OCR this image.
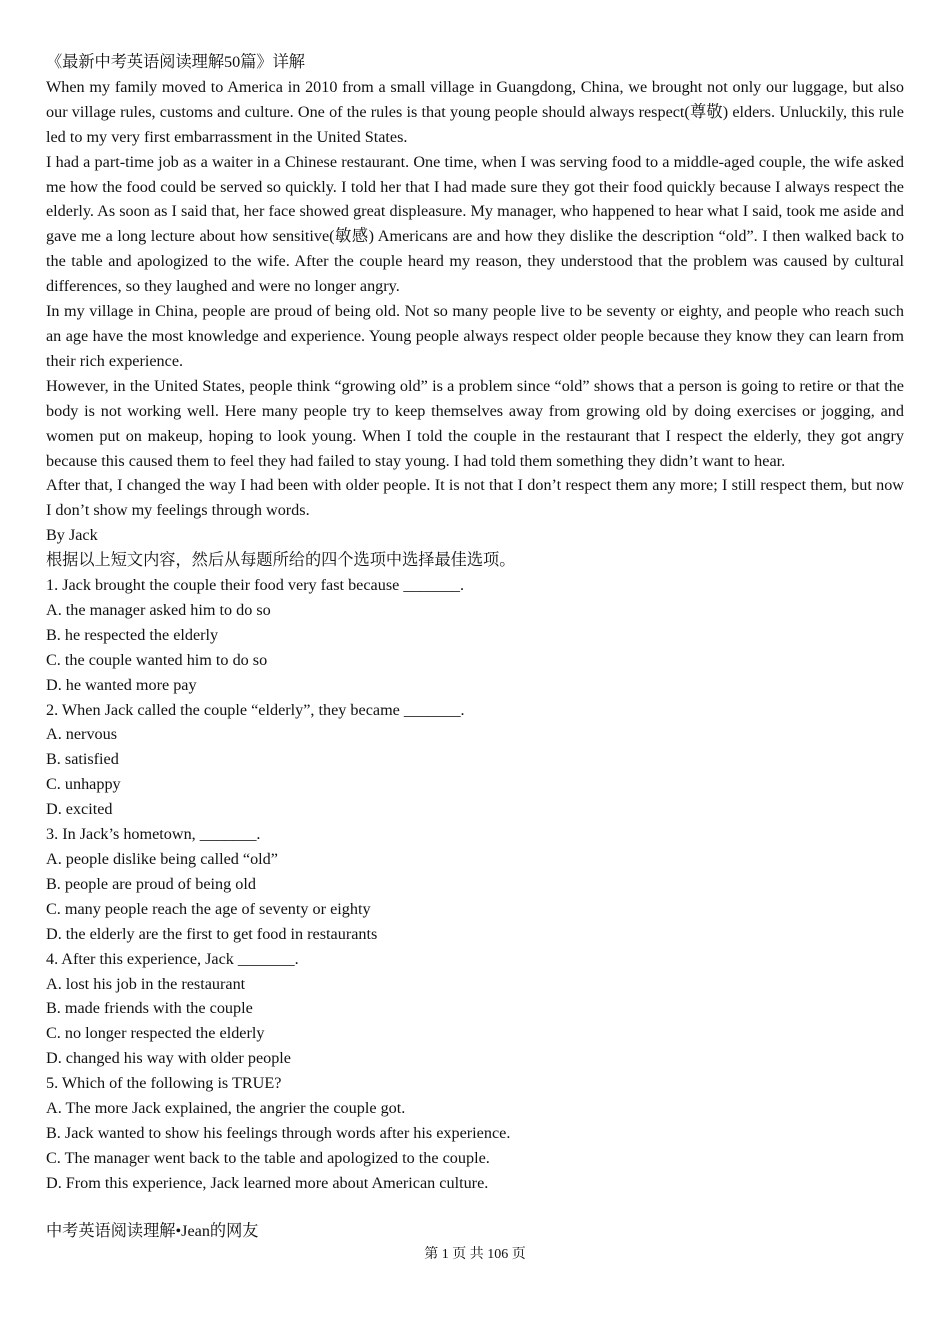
《最新中考英语阅读理解50篇》详解

When my family moved to America in 2010 from a small village in Guangdong, China, we brought not only our luggage, but also our village rules, customs and culture. One of the rules is that young people should always respect(尊敬) elders. Unluckily, this rule led to my very first embarrassment in the United States.

I had a part-time job as a waiter in a Chinese restaurant. One time, when I was serving food to a middle-aged couple, the wife asked me how the food could be served so quickly. I told her that I had made sure they got their food quickly because I always respect the elderly. As soon as I said that, her face showed great displeasure. My manager, who happened to hear what I said, took me aside and gave me a long lecture about how sensitive(敏感) Americans are and how they dislike the description “old”. I then walked back to the table and apologized to the wife. After the couple heard my reason, they understood that the problem was caused by cultural differences, so they laughed and were no longer angry.

In my village in China, people are proud of being old. Not so many people live to be seventy or eighty, and people who reach such an age have the most knowledge and experience. Young people always respect older people because they know they can learn from their rich experience.

However, in the United States, people think “growing old” is a problem since “old” shows that a person is going to retire or that the body is not working well. Here many people try to keep themselves away from growing old by doing exercises or jogging, and women put on makeup, hoping to look young. When I told the couple in the restaurant that I respect the elderly, they got angry because this caused them to feel they had failed to stay young. I had told them something they didn’t want to hear.

After that, I changed the way I had been with older people. It is not that I don’t respect them any more; I still respect them, but now I don’t show my feelings through words.

By Jack

根据以上短文内容，然后从每题所给的四个选项中选择最佳选项。

1. Jack brought the couple their food very fast because _______.

A. the manager asked him to do so
B. he respected the elderly
C. the couple wanted him to do so
D. he wanted more pay

2. When Jack called the couple “elderly”, they became _______.

A. nervous
B. satisfied
C. unhappy
D. excited

3. In Jack’s hometown, _______.

A. people dislike being called “old”
B. people are proud of being old
C. many people reach the age of seventy or eighty
D. the elderly are the first to get food in restaurants

4. After this experience, Jack _______.

A. lost his job in the restaurant
B. made friends with the couple
C. no longer respected the elderly
D. changed his way with older people

5. Which of the following is TRUE?

A. The more Jack explained, the angrier the couple got.
B. Jack wanted to show his feelings through words after his experience.
C. The manager went back to the table and apologized to the couple.
D. From this experience, Jack learned more about American culture.
中考英语阅读理解•Jean的网友
第 1 页 共 106 页
